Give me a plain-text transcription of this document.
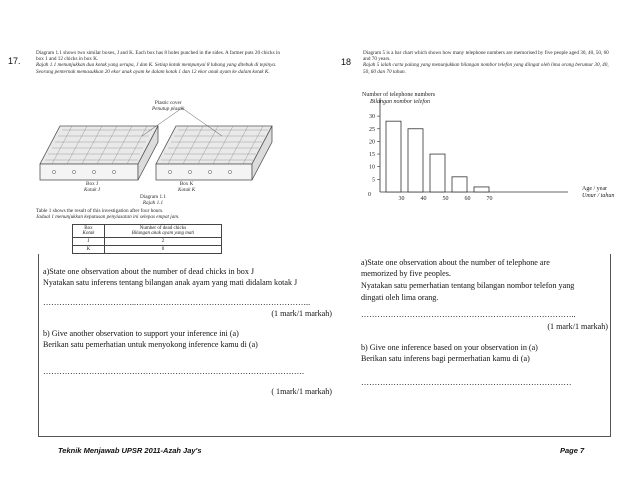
17.
Diagram 1.1 shows two similar boxes, J and K. Each box has 8 holes punched in the sides. A farmer puts 20 chicks in box 1 and 12 chicks in box K.
Rajah 1.1 menunjukkan dua kotak yang serupa, J dan K. Setiap kotak mempunyai 8 lubang yang ditebuk di tepinya. Seorang penternak memasukkan 20 ekor anak ayam ke dalam kotak 1 dan 12 ekor anak ayam ke dalam kotak K.
Plastic cover
Penutup plastik
Box J
Kotak J
Box K
Kotak K
Diagram 1.1
Rajah 1.1
Table 1 shows the result of this investigation after four hours.
Jadual 1 menunjukkan keputusan penyiasatan ini selepas empat jam.
Box
Kotak	Number of dead chicks
Bilangan anak ayam yang mati
J	2
K	0
a)State one observation about the number of dead chicks in box J
Nyatakan satu inferens tentang bilangan anak ayam yang mati didalam kotak J
……………………………..………………………………………………………..
(1 mark/1 markah)
b) Give another observation to support your inference ini (a)
Berikan satu pemerhatian untuk menyokong inference kamu di (a)
…………………………………………………………………………………….
( 1mark/1 markah)
18
Diagram 5 is a bar chart which shows how many telephone numbers are memorised by five people aged 30, 40, 50, 60 and 70 years.
Rajah 5 ialah carta palang yang menunjukkan bilangan nombor telefon yang diingat oleh lima orang berumur 30, 40, 50, 60 dan 70 tahun.
Number of telephone numbers
Bilangan nombor telefon
Age / year
Umur / tahun
0
5
10
15
20
25
30
30	40	50	60	70
a)State one observation about the number of telephone are
memorized by five peoples.
Nyatakan satu pemerhatian tentang bilangan nombor telefon yang
dingati oleh lima orang.
……………………………………………………………………..
(1 mark/1 markah)
b) Give one inference based on your observation in (a)
Berikan satu inferens bagi permerhatian kamu di (a)
……………………………………………………………………
Teknik Menjawab UPSR 2011-Azah Jay's	Page 7
